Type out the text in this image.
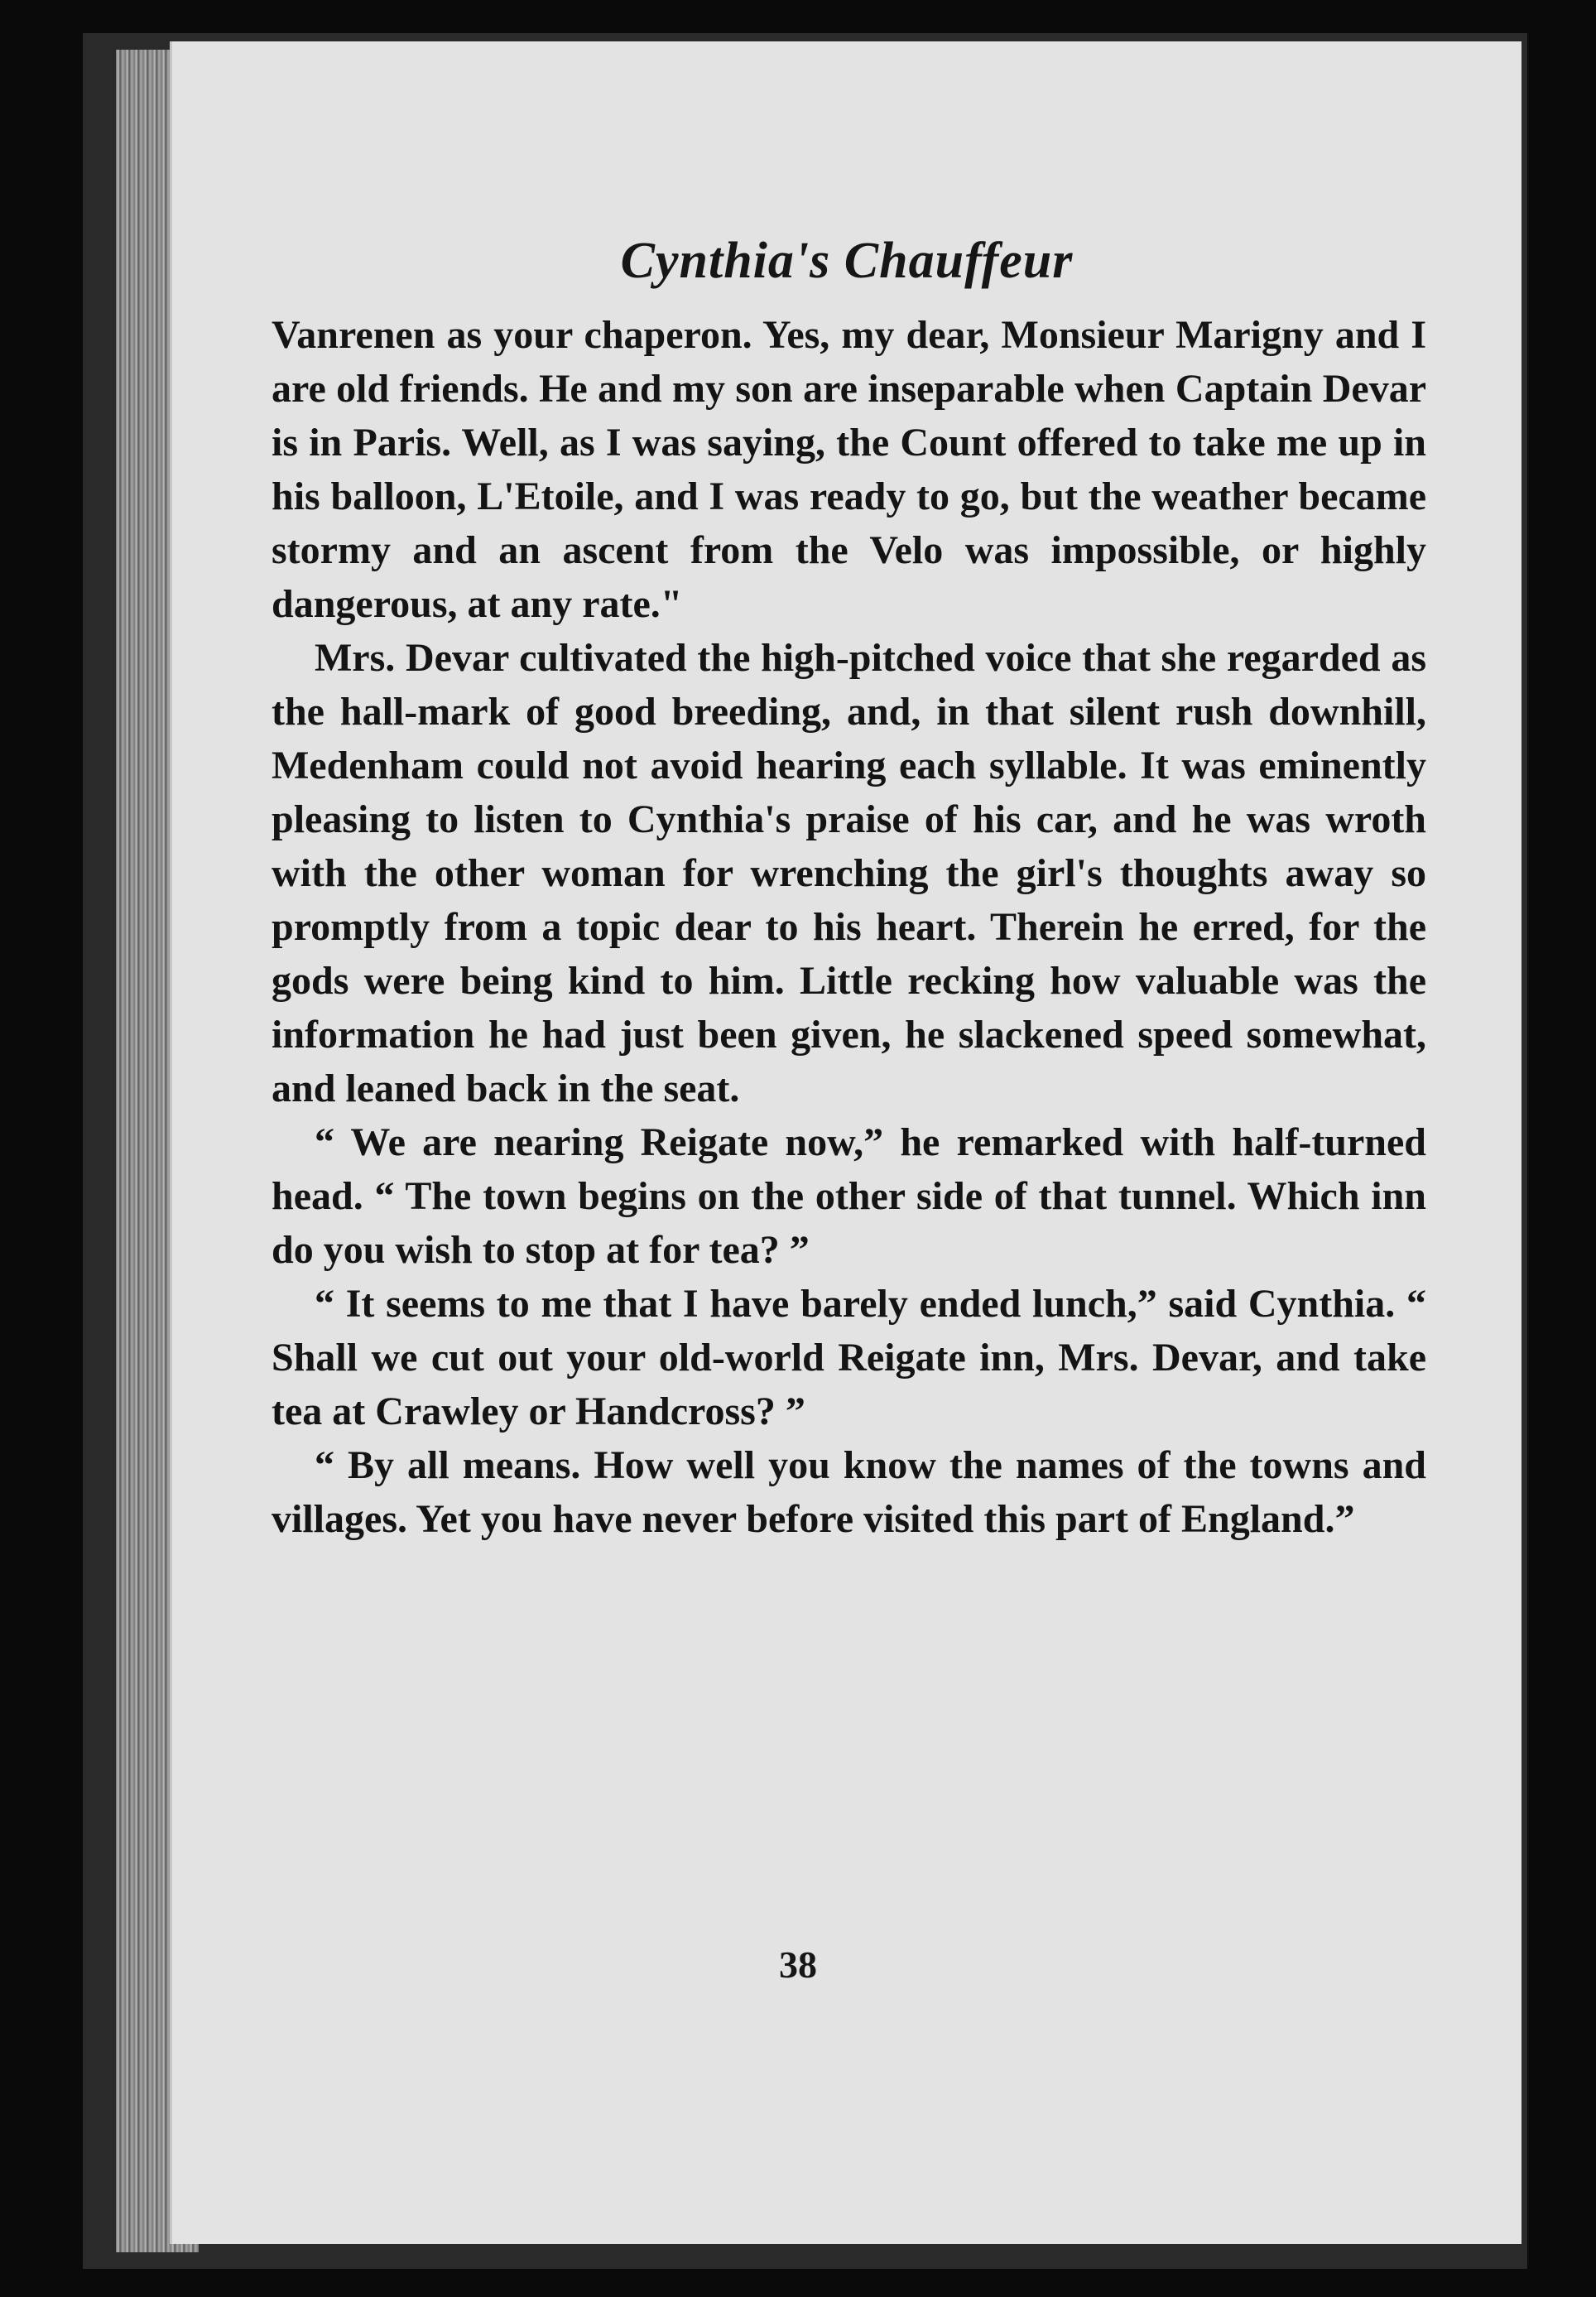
Cynthia's Chauffeur

Vanrenen as your chaperon. Yes, my dear, Monsieur Marigny and I are old friends. He and my son are inseparable when Captain Devar is in Paris. Well, as I was saying, the Count offered to take me up in his balloon, L'Etoile, and I was ready to go, but the weather became stormy and an ascent from the Velo was impossible, or highly dangerous, at any rate."

Mrs. Devar cultivated the high-pitched voice that she regarded as the hall-mark of good breeding, and, in that silent rush downhill, Medenham could not avoid hearing each syllable. It was eminently pleasing to listen to Cynthia's praise of his car, and he was wroth with the other woman for wrenching the girl's thoughts away so promptly from a topic dear to his heart. Therein he erred, for the gods were being kind to him. Little recking how valuable was the information he had just been given, he slackened speed somewhat, and leaned back in the seat.

“ We are nearing Reigate now,” he remarked with half-turned head. “ The town begins on the other side of that tunnel. Which inn do you wish to stop at for tea? ”

“ It seems to me that I have barely ended lunch,” said Cynthia. “ Shall we cut out your old-world Reigate inn, Mrs. Devar, and take tea at Crawley or Handcross? ”

“ By all means. How well you know the names of the towns and villages. Yet you have never before visited this part of England.”

38
